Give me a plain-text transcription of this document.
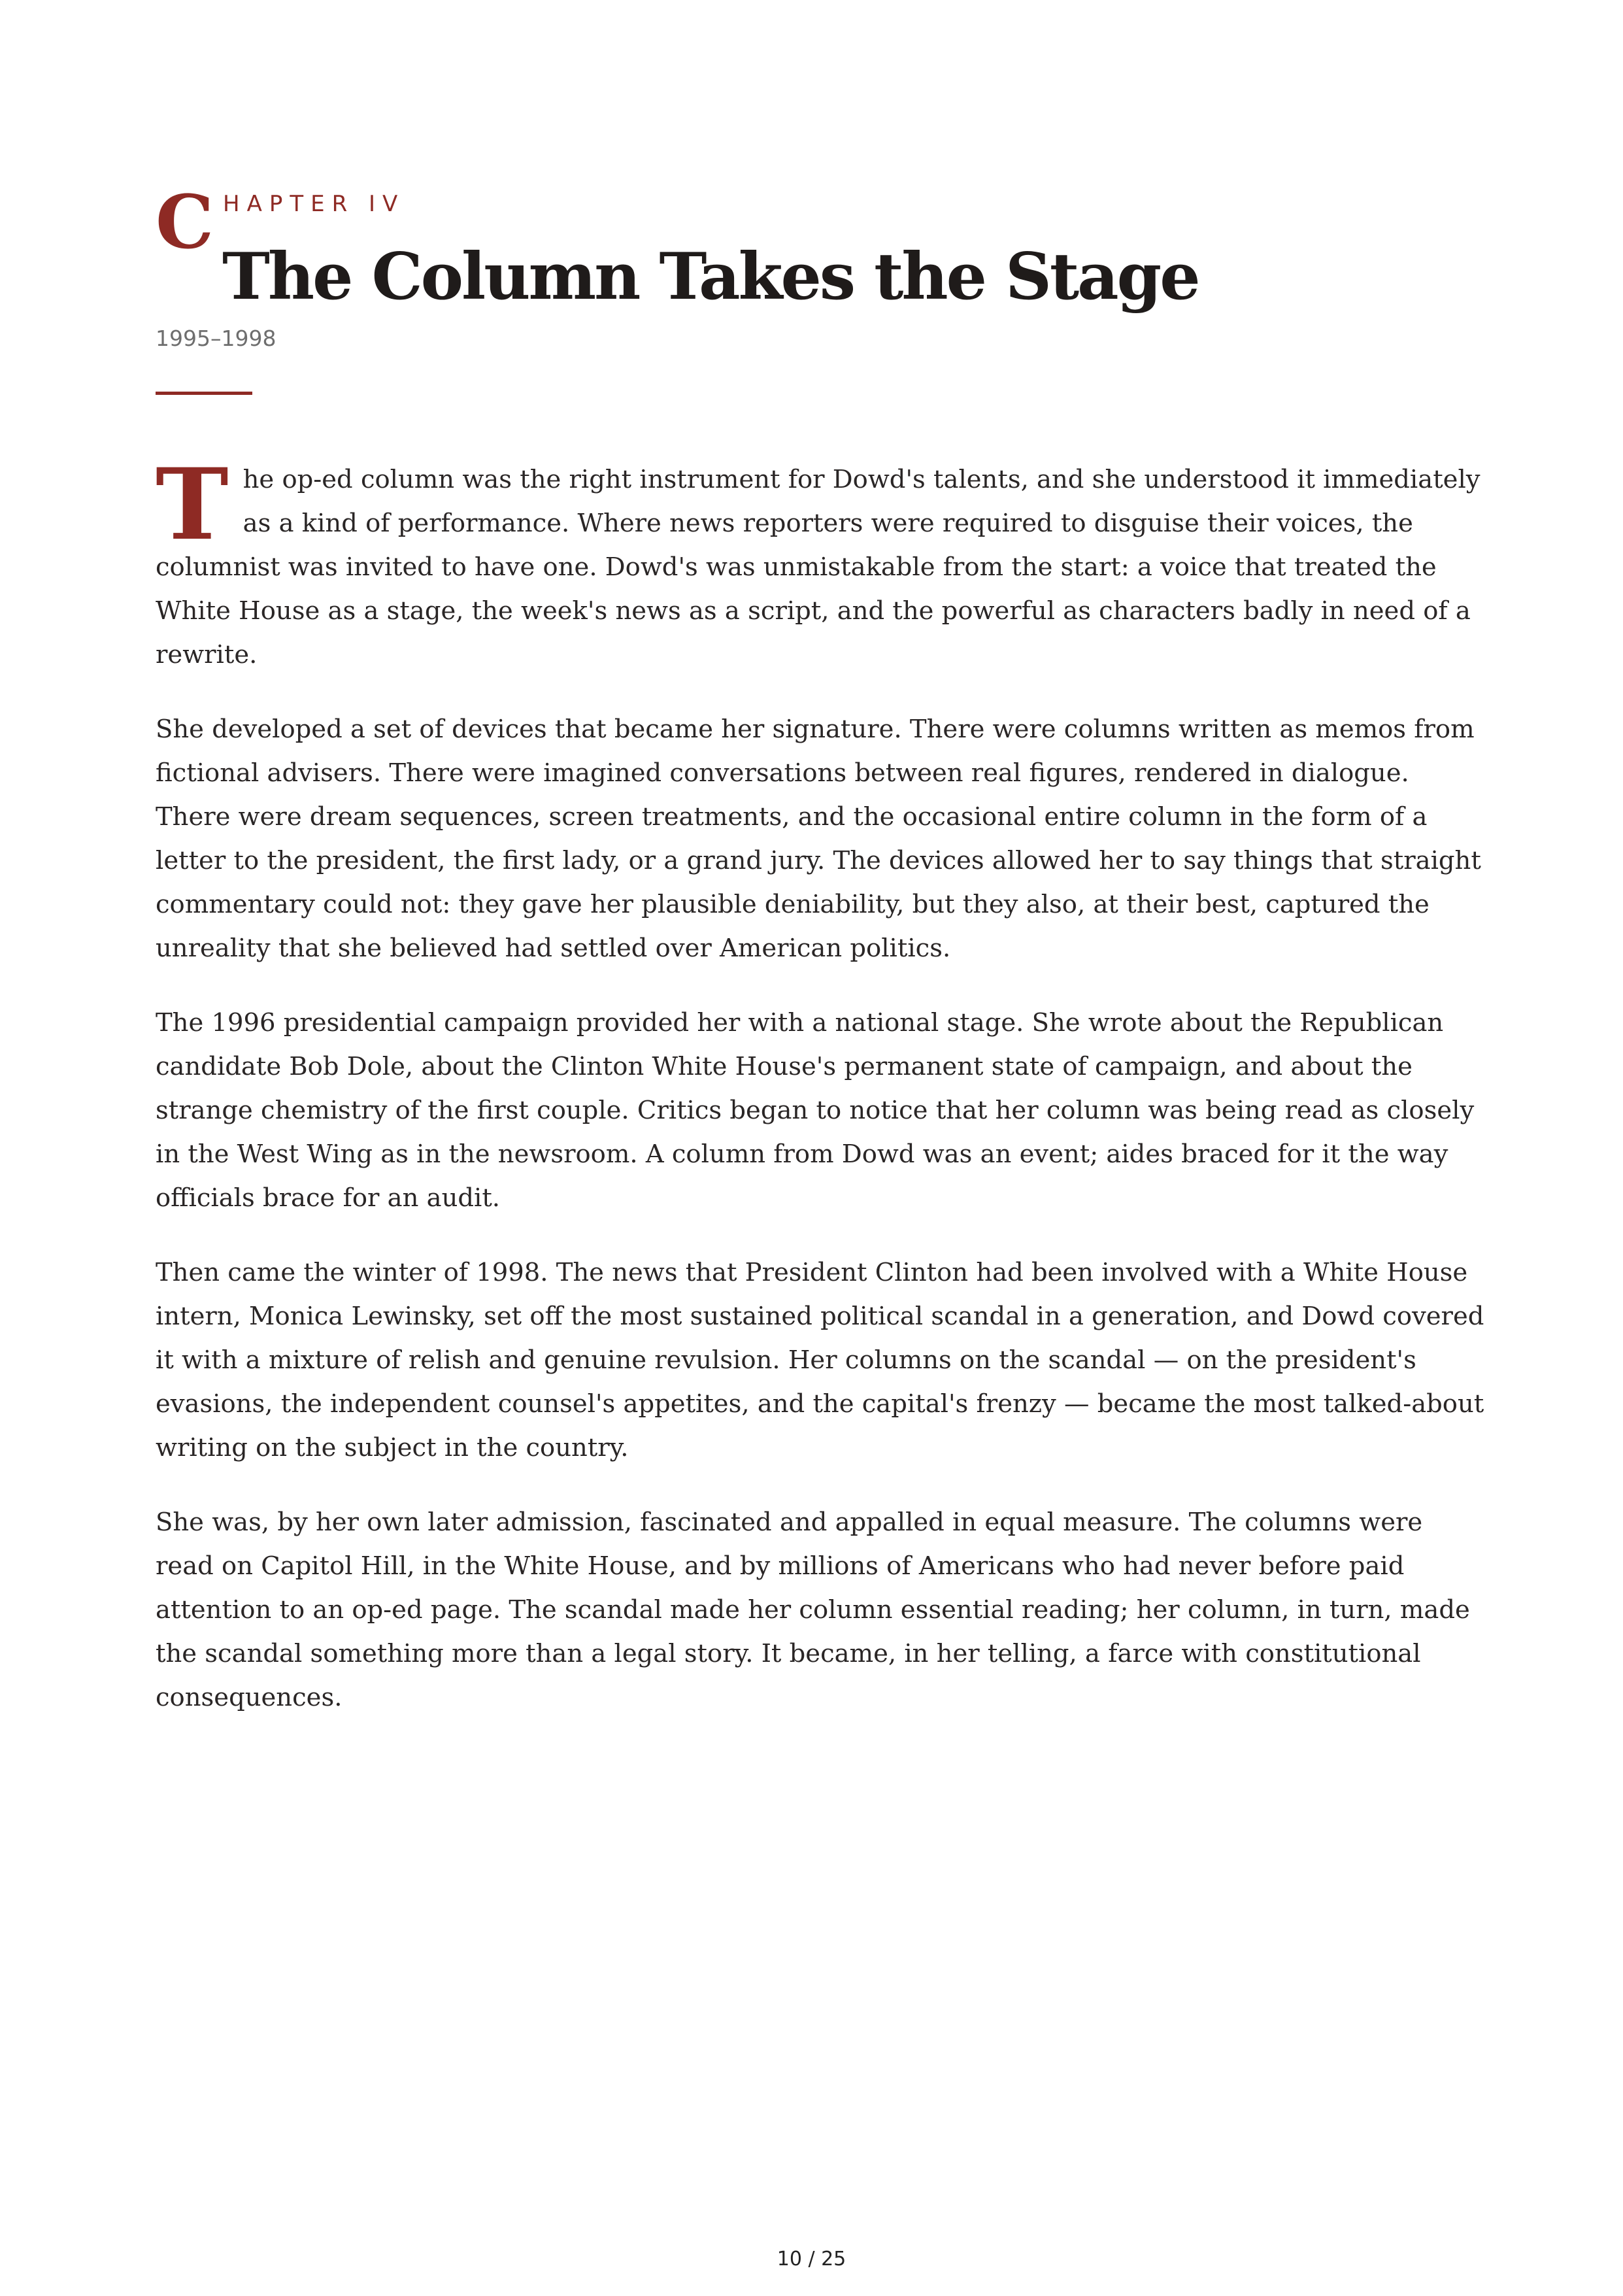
C HAPTER IV
The Column Takes the Stage
1995–1998

The op-ed column was the right instrument for Dowd's talents, and she understood it immediately as a kind of performance. Where news reporters were required to disguise their voices, the columnist was invited to have one. Dowd's was unmistakable from the start: a voice that treated the White House as a stage, the week's news as a script, and the powerful as characters badly in need of a rewrite.

She developed a set of devices that became her signature. There were columns written as memos from fictional advisers. There were imagined conversations between real figures, rendered in dialogue. There were dream sequences, screen treatments, and the occasional entire column in the form of a letter to the president, the first lady, or a grand jury. The devices allowed her to say things that straight commentary could not: they gave her plausible deniability, but they also, at their best, captured the unreality that she believed had settled over American politics.

The 1996 presidential campaign provided her with a national stage. She wrote about the Republican candidate Bob Dole, about the Clinton White House's permanent state of campaign, and about the strange chemistry of the first couple. Critics began to notice that her column was being read as closely in the West Wing as in the newsroom. A column from Dowd was an event; aides braced for it the way officials brace for an audit.

Then came the winter of 1998. The news that President Clinton had been involved with a White House intern, Monica Lewinsky, set off the most sustained political scandal in a generation, and Dowd covered it with a mixture of relish and genuine revulsion. Her columns on the scandal — on the president's evasions, the independent counsel's appetites, and the capital's frenzy — became the most talked-about writing on the subject in the country.

She was, by her own later admission, fascinated and appalled in equal measure. The columns were read on Capitol Hill, in the White House, and by millions of Americans who had never before paid attention to an op-ed page. The scandal made her column essential reading; her column, in turn, made the scandal something more than a legal story. It became, in her telling, a farce with constitutional consequences.

10 / 25
